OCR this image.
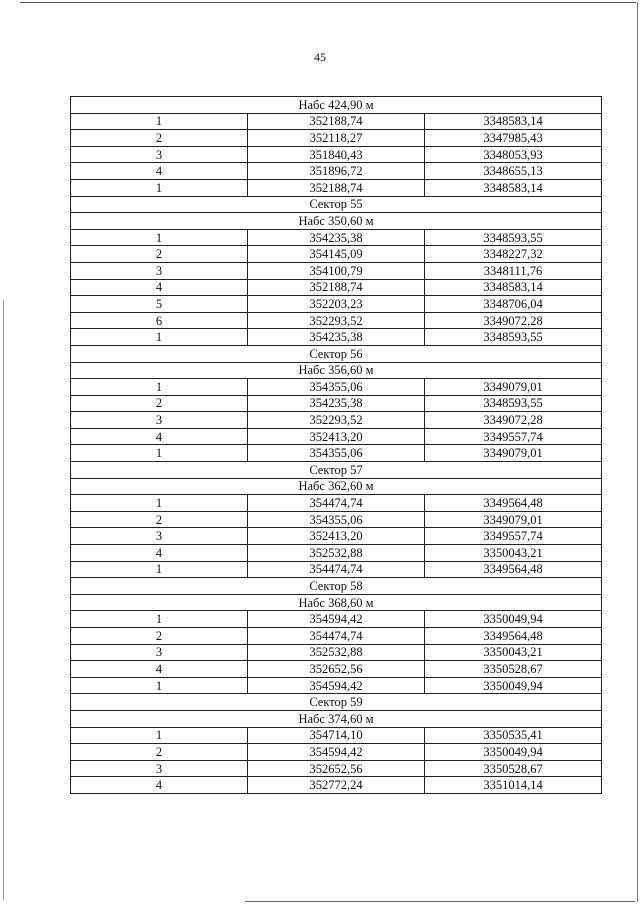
45
Набс 424,90 м		
1	352188,74	3348583,14
2	352118,27	3347985,43
3	351840,43	3348053,93
4	351896,72	3348655,13
1	352188,74	3348583,14
Сектор 55		
Набс 350,60 м		
1	354235,38	3348593,55
2	354145,09	3348227,32
3	354100,79	3348111,76
4	352188,74	3348583,14
5	352203,23	3348706,04
6	352293,52	3349072,28
1	354235,38	3348593,55
Сектор 56		
Набс 356,60 м		
1	354355,06	3349079,01
2	354235,38	3348593,55
3	352293,52	3349072,28
4	352413,20	3349557,74
1	354355,06	3349079,01
Сектор 57		
Набс 362,60 м		
1	354474,74	3349564,48
2	354355,06	3349079,01
3	352413,20	3349557,74
4	352532,88	3350043,21
1	354474,74	3349564,48
Сектор 58		
Набс 368,60 м		
1	354594,42	3350049,94
2	354474,74	3349564,48
3	352532,88	3350043,21
4	352652,56	3350528,67
1	354594,42	3350049,94
Сектор 59		
Набс 374,60 м		
1	354714,10	3350535,41
2	354594,42	3350049,94
3	352652,56	3350528,67
4	352772,24	3351014,14
